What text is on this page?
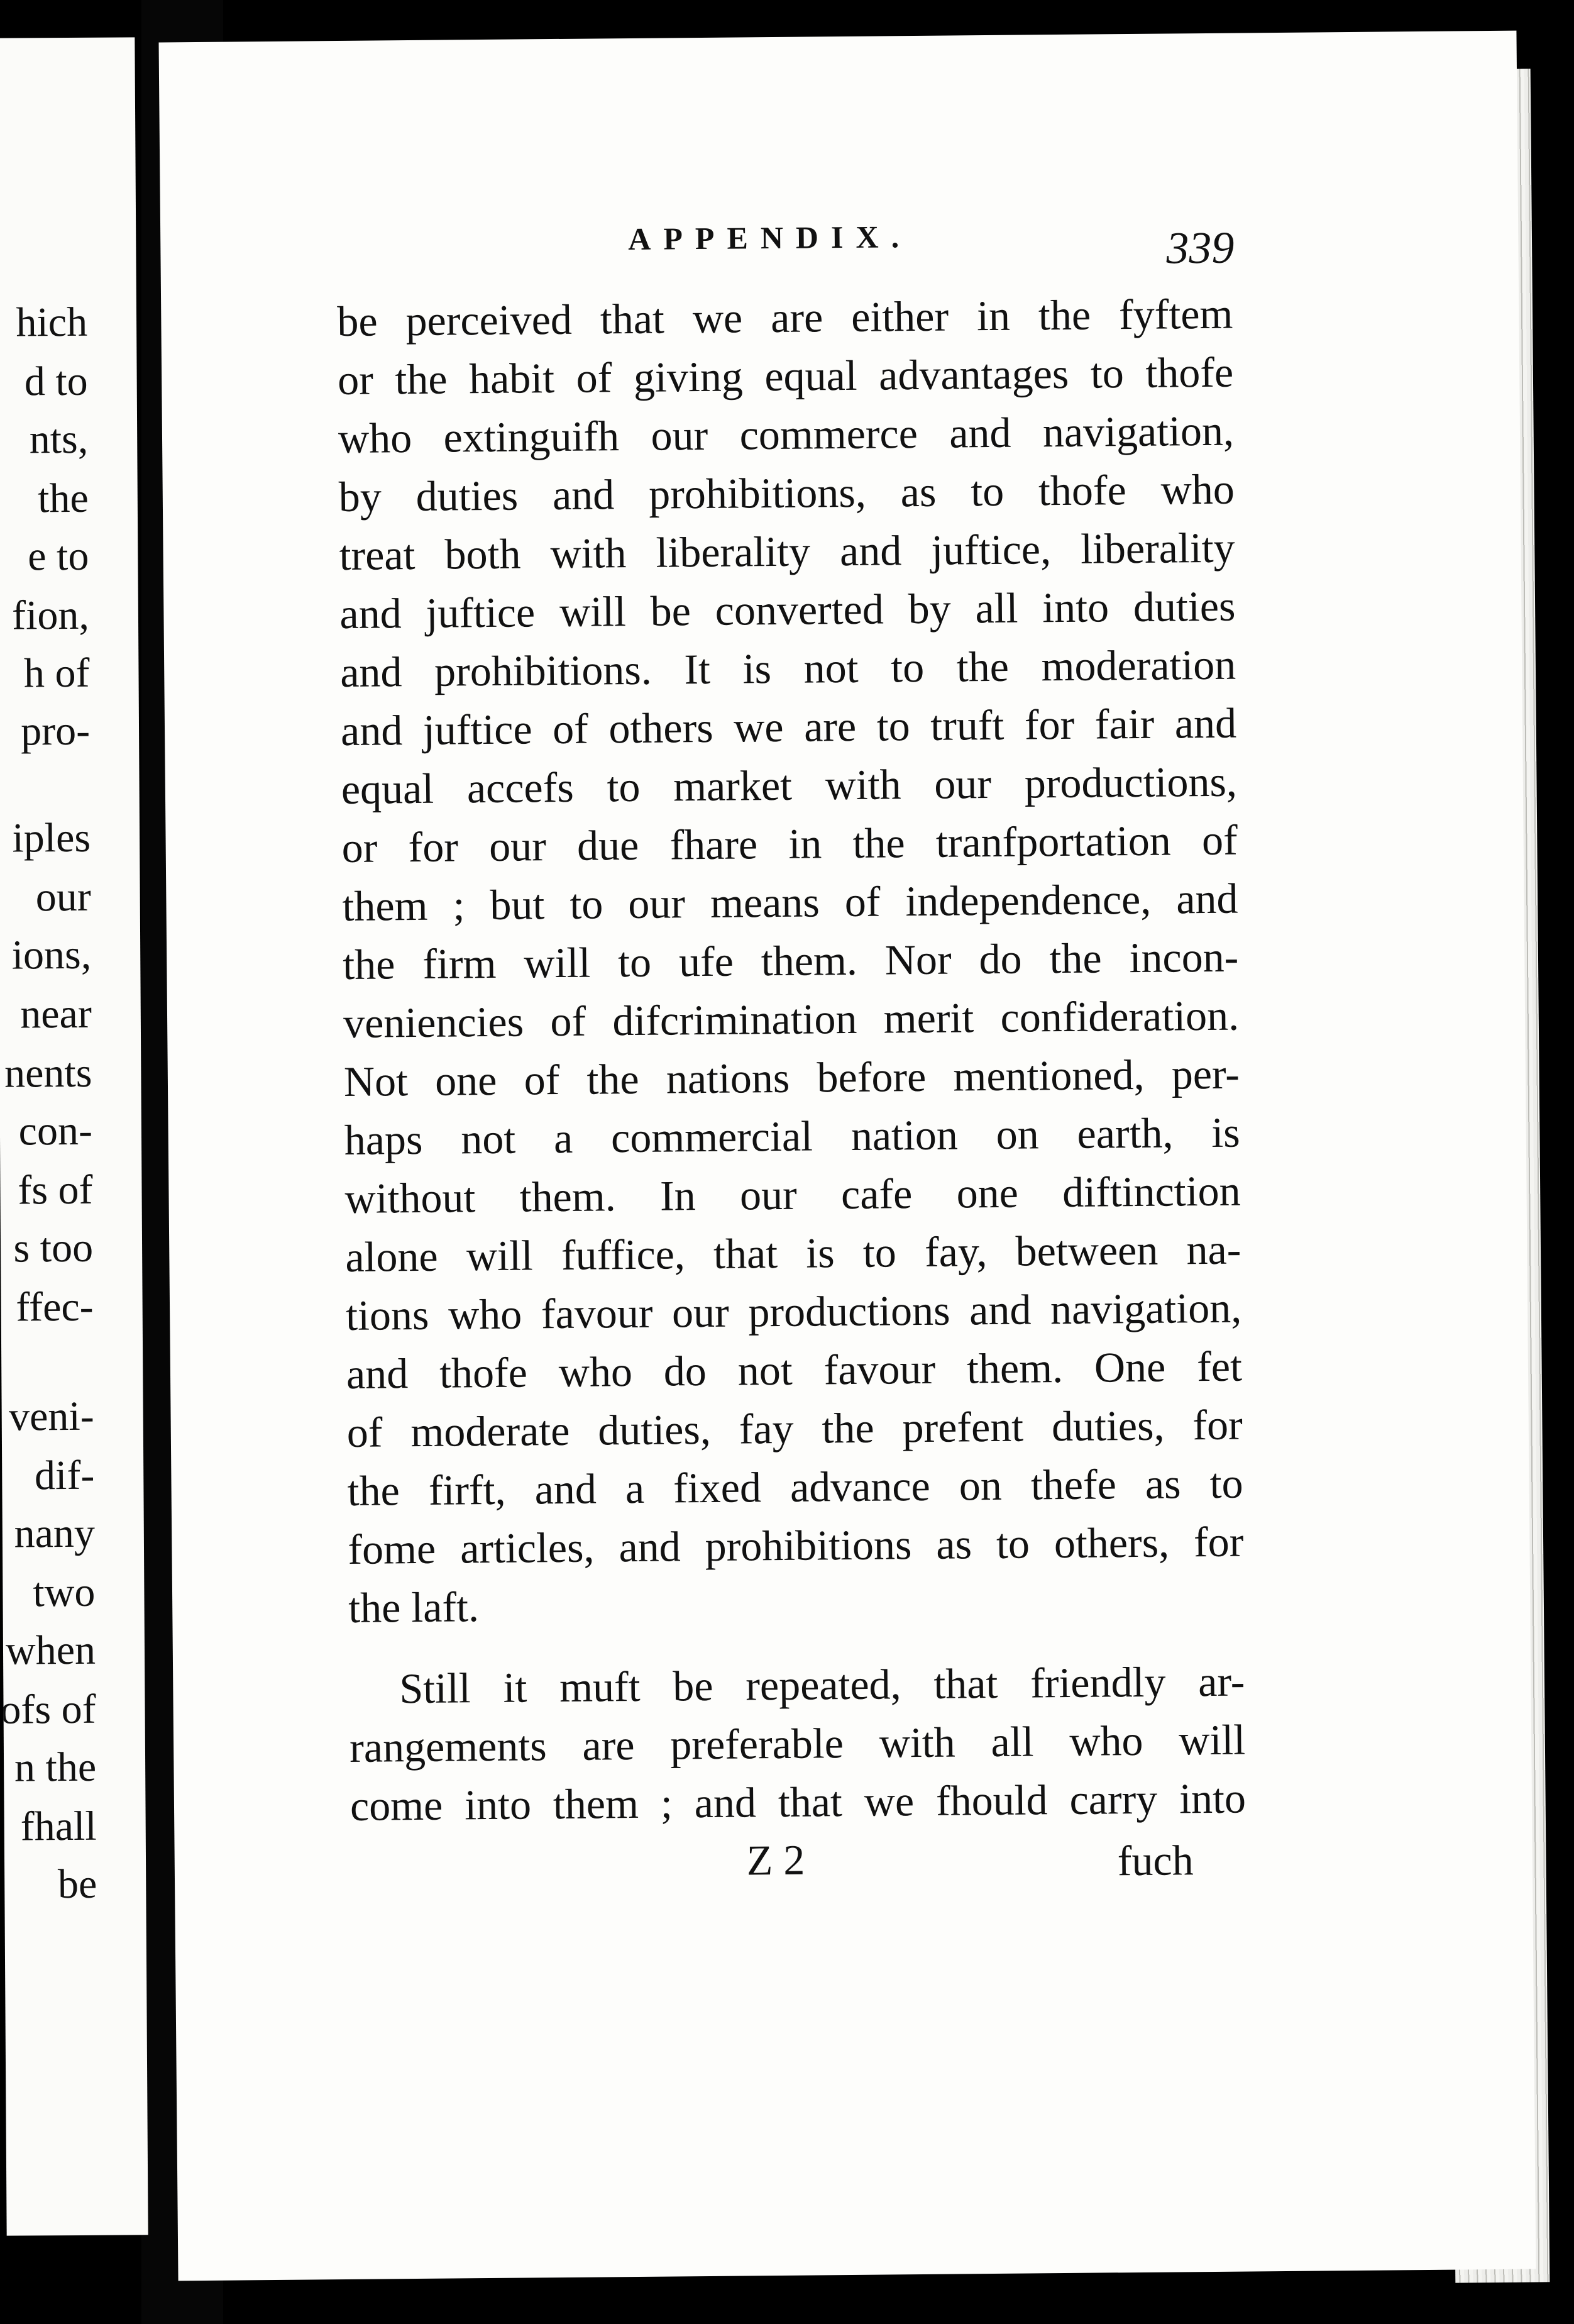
hich
d to
nts,
the
e to
fion,
h of
pro-
iples
our
ions,
near
nents
con-
fs of
s too
ffec-
veni-
dif-
nany
two
when
ofs of
n the
fhall
be
APPENDIX.	339
be perceived that we are either in the fyftem
or the habit of giving equal advantages to thofe
who extinguifh our commerce and navigation,
by duties and prohibitions, as to thofe who
treat both with liberality and juftice, liberality
and juftice will be converted by all into duties
and prohibitions. It is not to the moderation
and juftice of others we are to truft for fair and
equal accefs to market with our productions,
or for our due fhare in the tranfportation of
them ; but to our means of independence, and
the firm will to ufe them. Nor do the incon-
veniencies of difcrimination merit confideration.
Not one of the nations before mentioned, per-
haps not a commercial nation on earth, is
without them. In our cafe one diftinction
alone will fuffice, that is to fay, between na-
tions who favour our productions and navigation,
and thofe who do not favour them. One fet
of moderate duties, fay the prefent duties, for
the firft, and a fixed advance on thefe as to
fome articles, and prohibitions as to others, for
the laft.
Still it muft be repeated, that friendly ar-
rangements are preferable with all who will
come into them ; and that we fhould carry into
Z 2	fuch
